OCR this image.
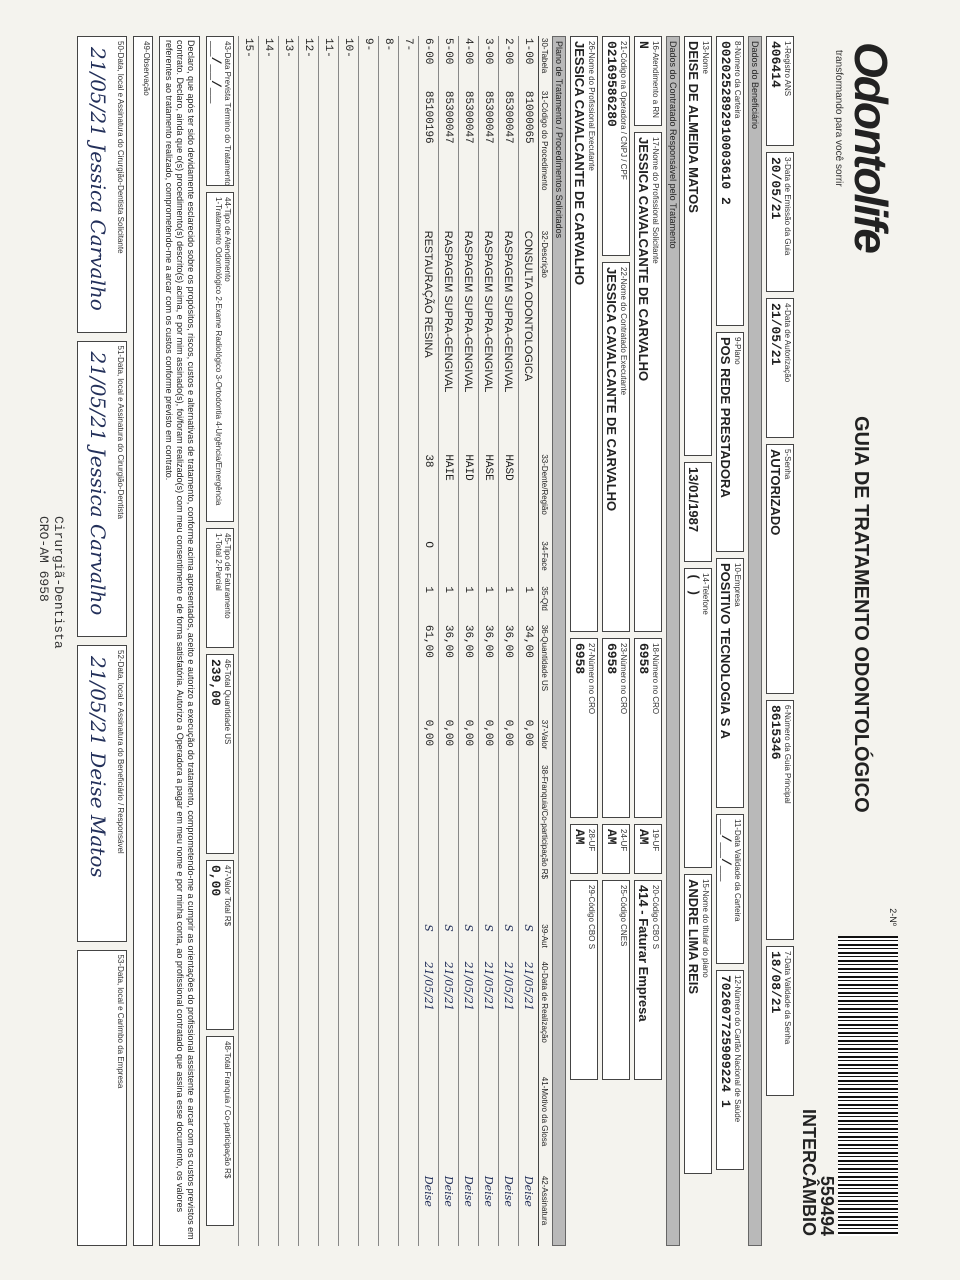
Odontolife
transformando para você sorrir
GUIA DE TRATAMENTO ODONTOLÓGICO
2-Nº
559494
INTERCÂMBIO
1-Registro ANS
406414
3-Data de Emissão da Guia
20/05/21
4-Data de Autorização
21/05/21
5-Senha
AUTORIZADO
6-Número da Guia Principal
8615346
7-Data Validade da Senha
18/08/21
Dados do Beneficiário
8-Número da Carteira
0020252892910003610 2
9-Plano
POS REDE PRESTADORA
10-Empresa
POSITIVO TECNOLOGIA S A
11-Data Validade da Carteira
__/__/__
12-Número do Cartão Nacional de Saúde
702607725909224 1
13-Nome
DEISE DE ALMEIDA MATOS

13/01/1987
14-Telefone
( )
15-Nome do titular do plano
ANDRE LIMA REIS
Dados do Contratado Responsável pelo Tratamento
16-Atendimento a RN
N
17-Nome do Profissional Solicitante
JESSICA CAVALCANTE DE CARVALHO
18-Número no CRO
6958
19-UF
AM
20-Código CBO S
414 - Faturar Empresa
21-Código na Operadora / CNPJ / CPF
02169586280
22-Nome do Contratado Executante
JESSICA CAVALCANTE DE CARVALHO
23-Número no CRO
6958
24-UF
AM
25-Código CNES
26-Nome do Profissional Executante
JESSICA CAVALCANTE DE CARVALHO
27-Número no CRO
6958
28-UF
AM
29-Código CBO S
Plano de Tratamento / Procedimentos Solicitados
30-Tabela	31-Código do Procedimento	32-Descrição	33-Dente/Região	34-Face	35-Qtd	36-Quantidade US	37-Valor	38-Franquia/Co-participação R$	39-Aut	40-Data de Realização	41-Motivo da Glosa	42-Assinatura
1-00	81000065	CONSULTA ODONTOLOGICA			1	34,00	0,00		S	21/05/21		Deise
2-00	85300047	RASPAGEM SUPRA-GENGIVAL	HASD		1	36,00	0,00		S	21/05/21		Deise
3-00	85300047	RASPAGEM SUPRA-GENGIVAL	HASE		1	36,00	0,00		S	21/05/21		Deise
4-00	85300047	RASPAGEM SUPRA-GENGIVAL	HAID		1	36,00	0,00		S	21/05/21		Deise
5-00	85300047	RASPAGEM SUPRA-GENGIVAL	HAIE		1	36,00	0,00		S	21/05/21		Deise
6-00	85100196	RESTAURAÇÃO RESINA	38	O	1	61,00	0,00		S	21/05/21		Deise
7-												
8-												
9-												
10-												
11-												
12-												
13-												
14-												
15-												
43-Data Prevista Término do Tratamento
__/__/__
44-Tipo de Atendimento
1-Tratamento Odontológico 2-Exame Radiológico 3-Ortodontia 4-Urgência/Emergência
45-Tipo de Faturamento
1-Total 2-Parcial
46-Total Quantidade US
239,00
47-Valor Total R$
0,00
48-Total Franquia / Co-participação R$
Declaro, que após ter sido devidamente esclarecido sobre os propósitos, riscos, custos e alternativas de tratamento, conforme acima apresentados, aceito e autorizo a execução do tratamento, comprometendo-me a cumprir as orientações do profissional assistente e arcar com os custos previstos em contrato. Declaro, ainda que o(s) procedimento(s) descrito(s) acima, e por mim assinado(s), foi/foram realizado(s) com meu consentimento e de forma satisfatória. Autorizo a Operadora a pagar em meu nome e por minha conta, ao profissional contratado que assina esse documento, os valores referentes ao tratamento realizado, comprometendo-me a arcar com os custos conforme previsto em contrato.
49-Observação
50-Data, local e Assinatura do Cirurgião-Dentista Solicitante
21/05/21 Jessica Carvalho
51-Data, local e Assinatura do Cirurgião-Dentista
21/05/21 Jessica Carvalho
52-Data, local e Assinatura do Beneficiário / Responsável
21/05/21 Deise Matos
53-Data, local e Carimbo da Empresa
Cirurgiã-Dentista
CRO-AM 6958
